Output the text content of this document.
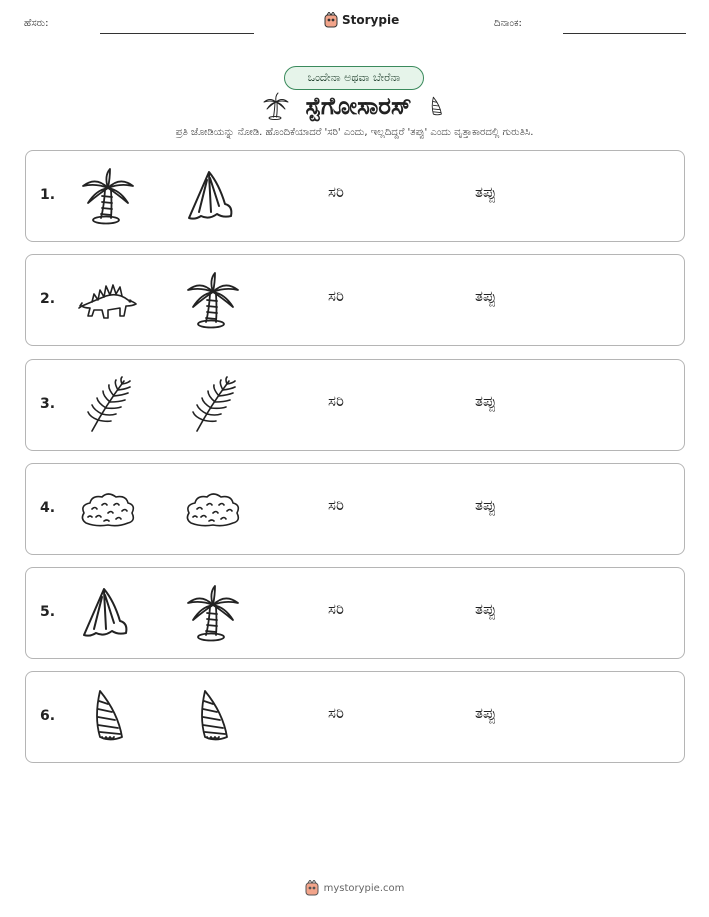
ಹೆಸರು:	Storypie	ದಿನಾಂಕ:
ಒಂದೇನಾ ಅಥವಾ ಬೇರೆನಾ
ಸ್ಟೆಗೋಸಾರಸ್
ಪ್ರತಿ ಜೋಡಿಯನ್ನು ನೋಡಿ. ಹೊಂದಿಕೆಯಾದರೆ 'ಸರಿ' ಎಂದು, ಇಲ್ಲದಿದ್ದರೆ 'ತಪ್ಪು' ಎಂದು ವೃತ್ತಾಕಾರದಲ್ಲಿ ಗುರುತಿಸಿ.
1.	ಸರಿ	ತಪ್ಪು
2.	ಸರಿ	ತಪ್ಪು
3.	ಸರಿ	ತಪ್ಪು
4.	ಸರಿ	ತಪ್ಪು
5.	ಸರಿ	ತಪ್ಪು
6.	ಸರಿ	ತಪ್ಪು
mystorypie.com
